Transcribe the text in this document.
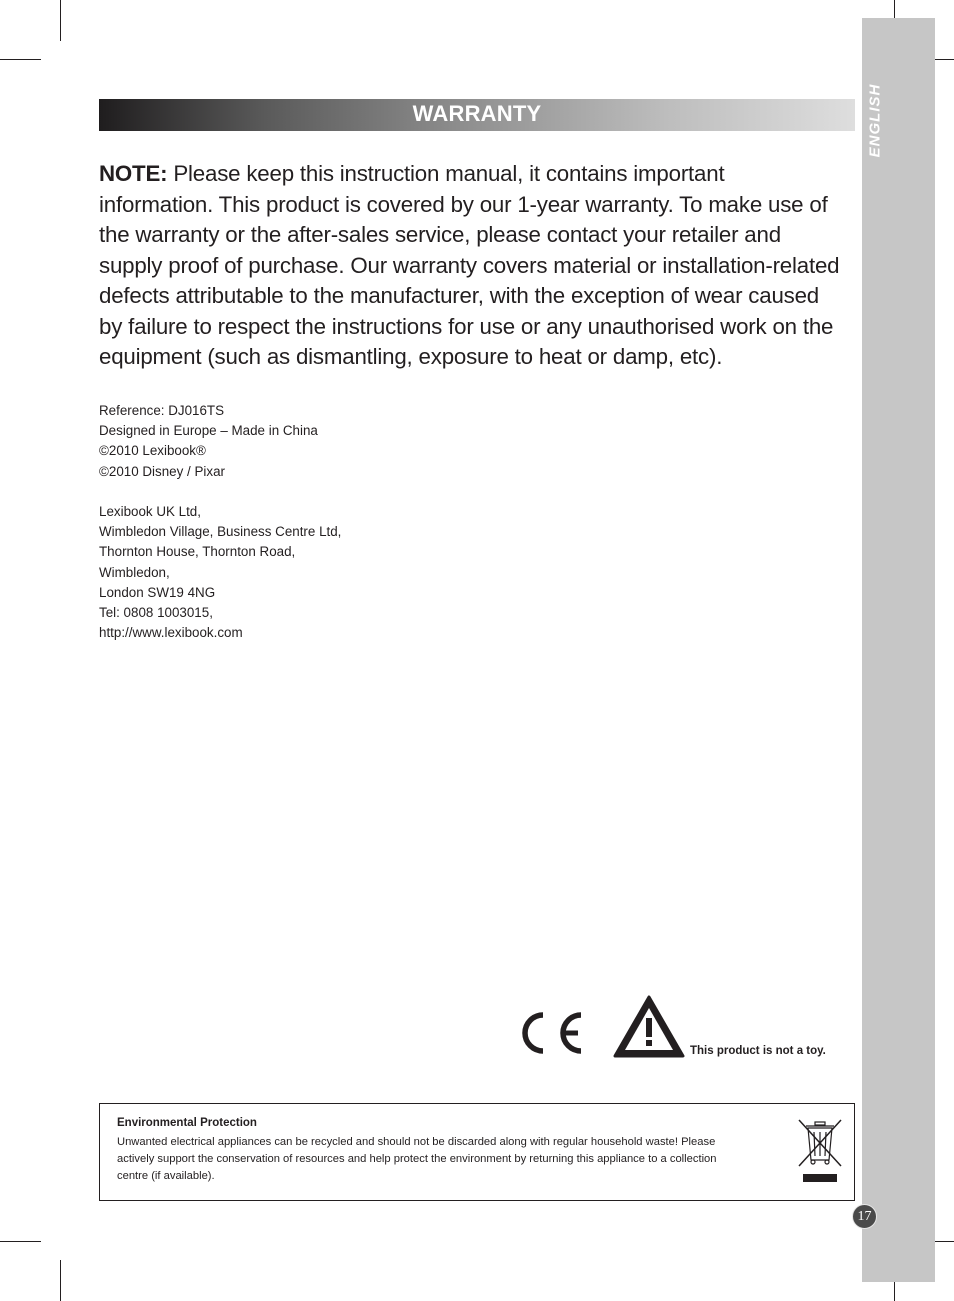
ENGLISH
WARRANTY

NOTE: Please keep this instruction manual, it contains important information. This product is covered by our 1-year warranty. To make use of the warranty or the after-sales service, please contact your retailer and supply proof of purchase. Our warranty covers material or installation-related defects attributable to the manufacturer, with the exception of wear caused by failure to respect the instructions for use or any unauthorised work on the equipment (such as dismantling, exposure to heat or damp, etc).

Reference: DJ016TS
Designed in Europe – Made in China
©2010 Lexibook®
©2010 Disney / Pixar
Lexibook UK Ltd,
Wimbledon Village, Business Centre Ltd,
Thornton House, Thornton Road,
Wimbledon,
London SW19 4NG
Tel: 0808 1003015,
http://www.lexibook.com
This product is not a toy.
Environmental Protection

Unwanted electrical appliances can be recycled and should not be discarded along with regular household waste! Please actively support the conservation of resources and help protect the environment by returning this appliance to a collection centre (if available).

17
